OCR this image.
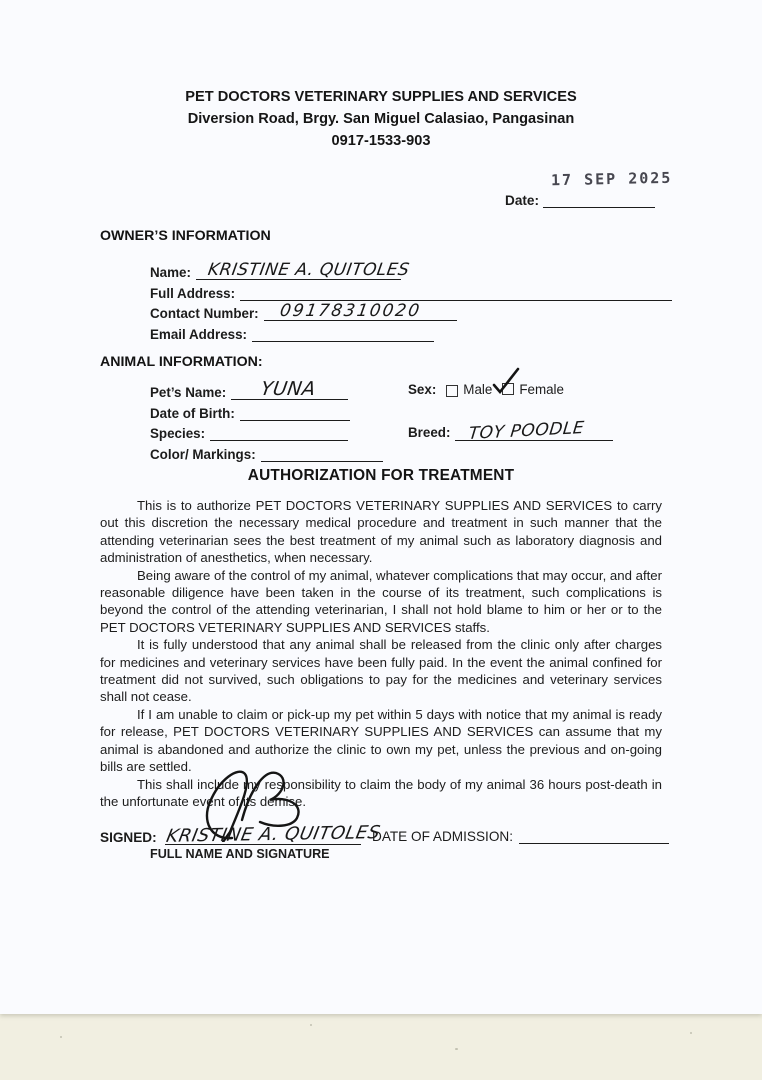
PET DOCTORS VETERINARY SUPPLIES AND SERVICES
Diversion Road, Brgy. San Miguel Calasiao, Pangasinan
0917-1533-903
17 SEP 2025
Date:
OWNER’S INFORMATION
Name: KRISTINE A. QUITOLES
Full Address:
Contact Number: 09178310020
Email Address:
ANIMAL INFORMATION:
Pet’s Name: YUNA
Date of Birth:
Species:
Color/ Markings:
Sex: Male Female
Breed: TOY POODLE
AUTHORIZATION FOR TREATMENT

This is to authorize PET DOCTORS VETERINARY SUPPLIES AND SERVICES to carry out this discretion the necessary medical procedure and treatment in such manner that the attending veterinarian sees the best treatment of my animal such as laboratory diagnosis and administration of anesthetics, when necessary.

Being aware of the control of my animal, whatever complications that may occur, and after reasonable diligence have been taken in the course of its treatment, such complications is beyond the control of the attending veterinarian, I shall not hold blame to him or her or to the PET DOCTORS VETERINARY SUPPLIES AND SERVICES staffs.

It is fully understood that any animal shall be released from the clinic only after charges for medicines and veterinary services have been fully paid. In the event the animal confined for treatment did not survived, such obligations to pay for the medicines and veterinary services shall not cease.

If I am unable to claim or pick-up my pet within 5 days with notice that my animal is ready for release, PET DOCTORS VETERINARY SUPPLIES AND SERVICES can assume that my animal is abandoned and authorize the clinic to own my pet, unless the previous and on-going bills are settled.

This shall include my responsibility to claim the body of my animal 36 hours post-death in the unfortunate event of its demise.

SIGNED: KRISTINE A. QUITOLES
FULL NAME AND SIGNATURE
DATE OF ADMISSION:
